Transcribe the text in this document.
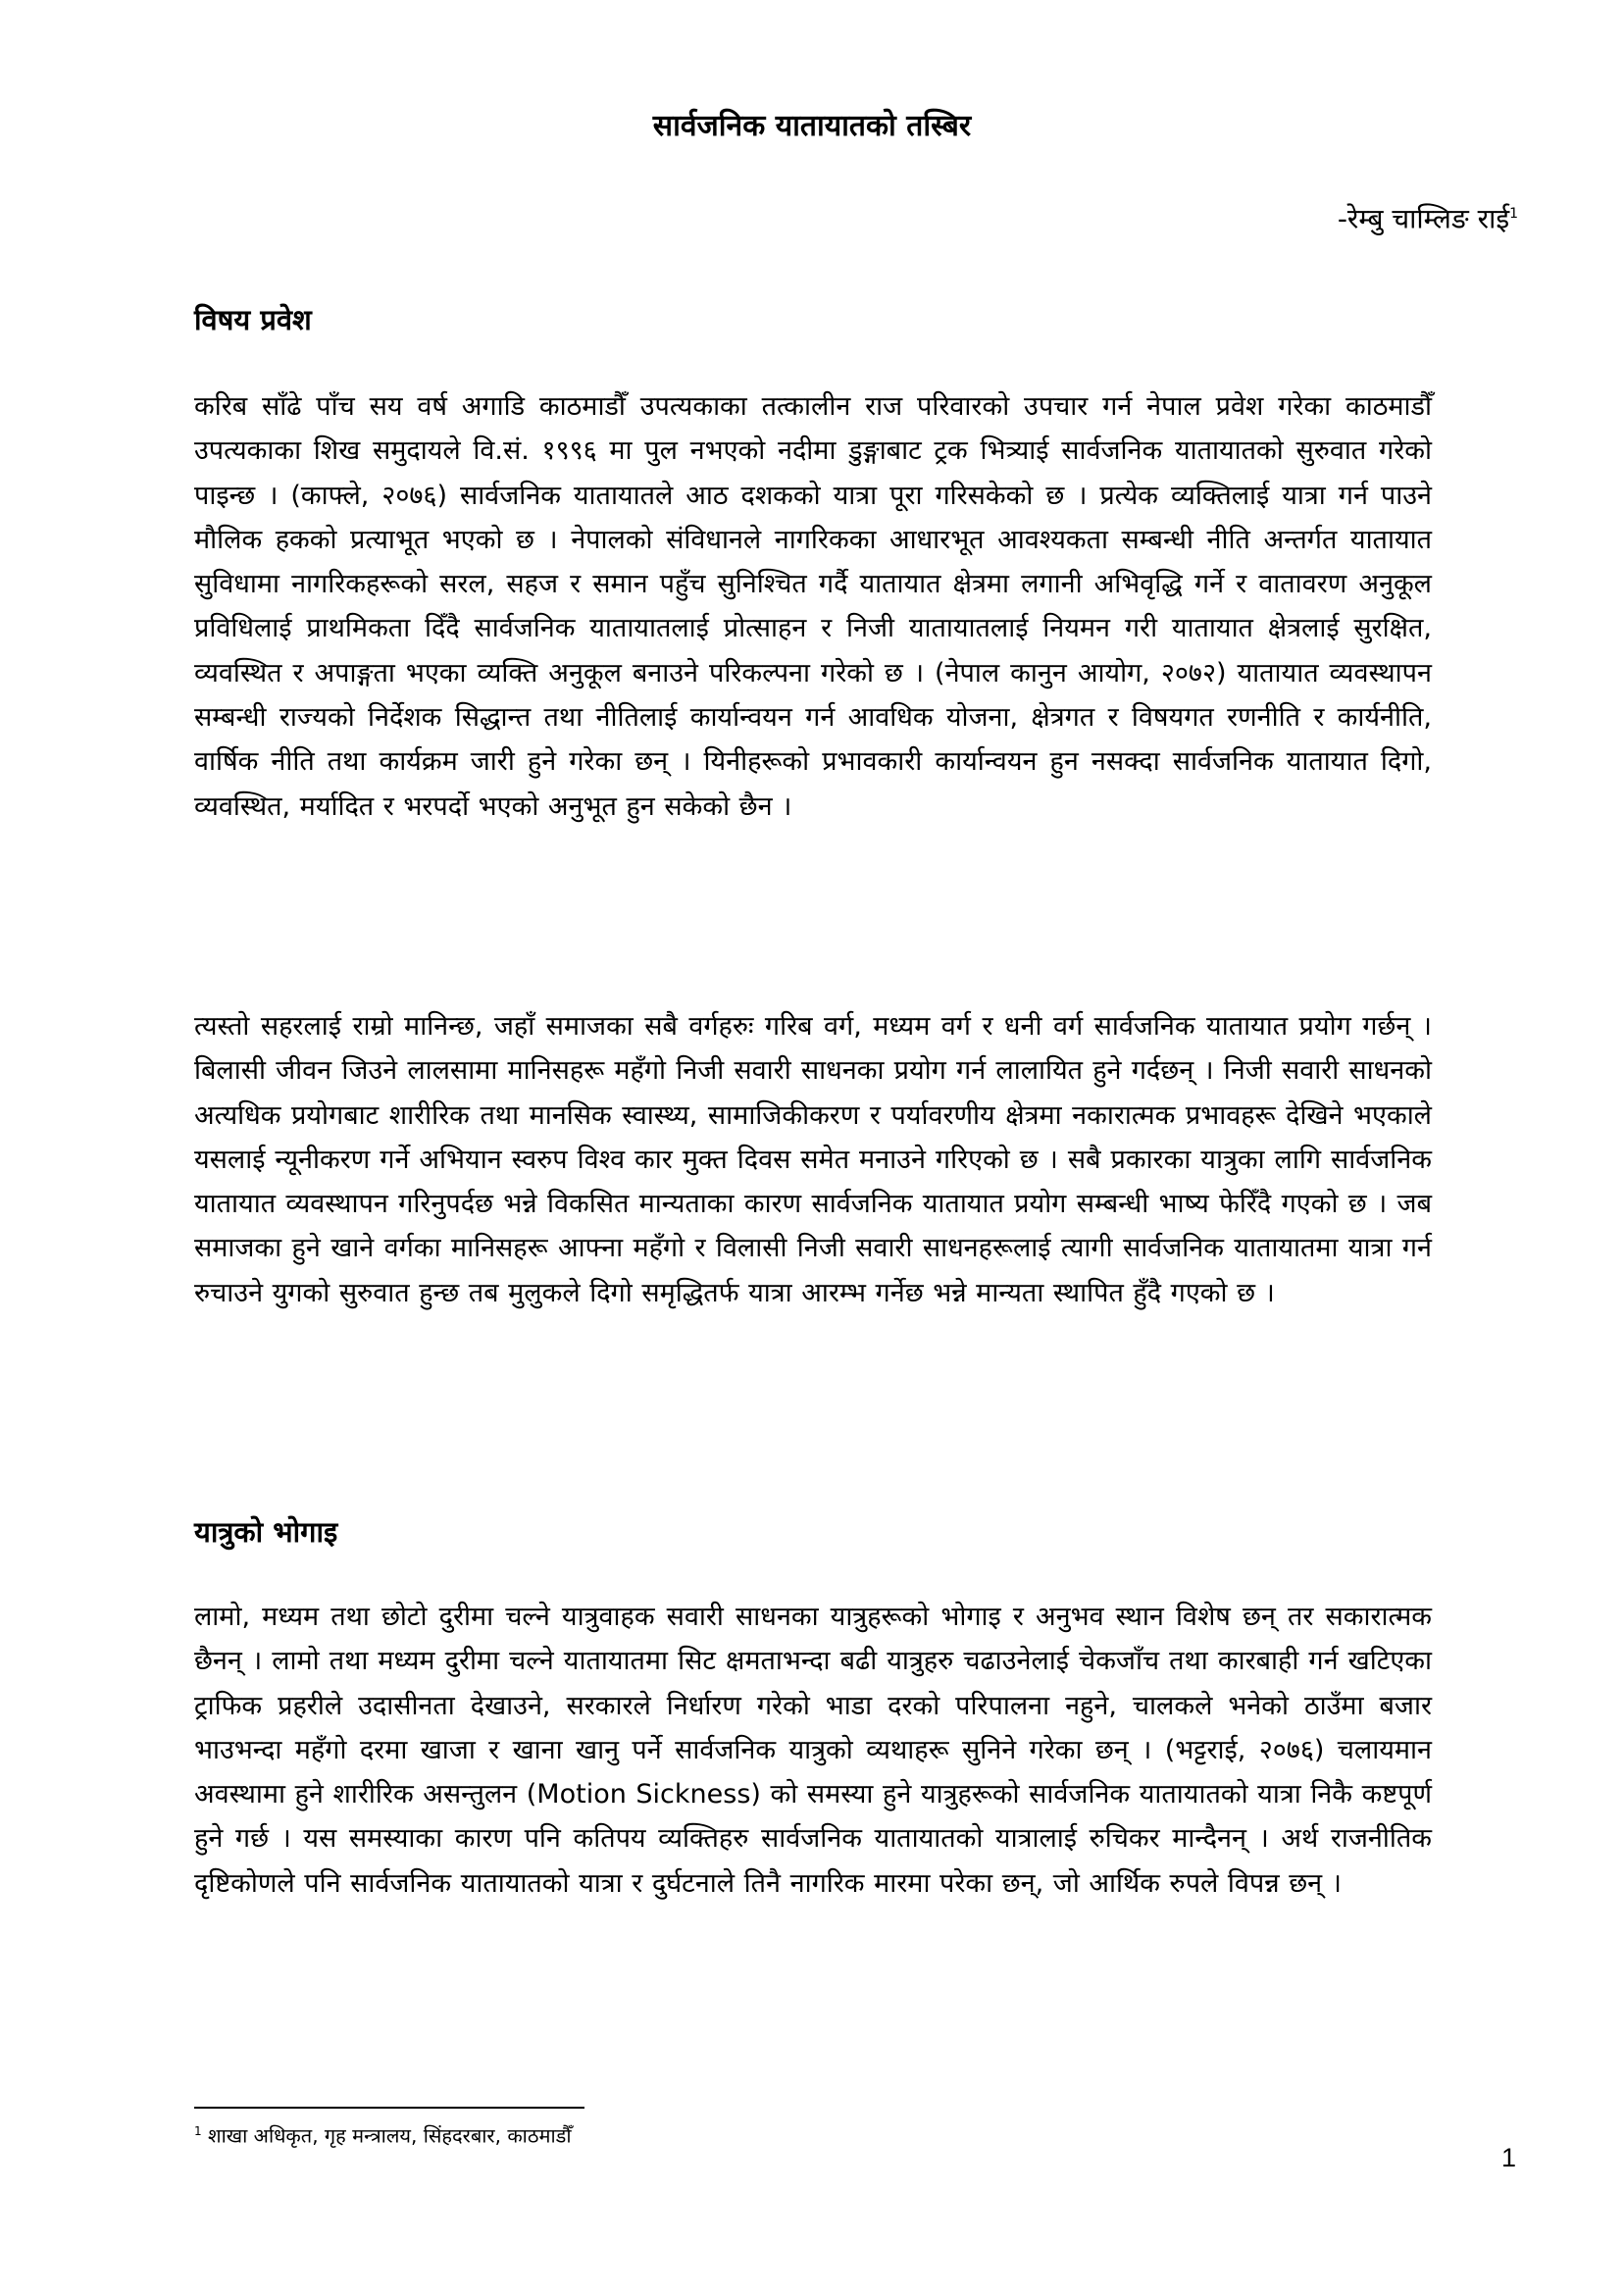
सार्वजनिक यातायातको तस्बिर
-रेम्बु चाम्लिङ राई$^1$
विषय प्रवेश
करिब साँढे पाँच सय वर्ष अगाडि काठमाडौँ उपत्यकाका तत्कालीन राज परिवारको उपचार गर्न नेपाल प्रवेश गरेका काठमाडौँ उपत्यकाका शिख समुदायले वि.सं. १९९६ मा पुल नभएको नदीमा डुङ्गाबाट ट्रक भित्र्याई सार्वजनिक यातायातको सुरुवात गरेको पाइन्छ । (काफ्ले, २०७६) सार्वजनिक यातायातले आठ दशकको यात्रा पूरा गरिसकेको छ । प्रत्येक व्यक्तिलाई यात्रा गर्न पाउने मौलिक हकको प्रत्याभूत भएको छ । नेपालको संविधानले नागरिकका आधारभूत आवश्यकता सम्बन्धी नीति अन्तर्गत यातायात सुविधामा नागरिकहरूको सरल, सहज र समान पहुँच सुनिश्चित गर्दै यातायात क्षेत्रमा लगानी अभिवृद्धि गर्ने र वातावरण अनुकूल प्रविधिलाई प्राथमिकता दिँदै सार्वजनिक यातायातलाई प्रोत्साहन र निजी यातायातलाई नियमन गरी यातायात क्षेत्रलाई सुरक्षित, व्यवस्थित र अपाङ्गता भएका व्यक्ति अनुकूल बनाउने परिकल्पना गरेको छ । (नेपाल कानुन आयोग, २०७२) यातायात व्यवस्थापन सम्बन्धी राज्यको निर्देशक सिद्धान्त तथा नीतिलाई कार्यान्वयन गर्न आवधिक योजना, क्षेत्रगत र विषयगत रणनीति र कार्यनीति, वार्षिक नीति तथा कार्यक्रम जारी हुने गरेका छन् । यिनीहरूको प्रभावकारी कार्यान्वयन हुन नसक्दा सार्वजनिक यातायात दिगो, व्यवस्थित, मर्यादित र भरपर्दो भएको अनुभूत हुन सकेको छैन ।
त्यस्तो सहरलाई राम्रो मानिन्छ, जहाँ समाजका सबै वर्गहरुः गरिब वर्ग, मध्यम वर्ग र धनी वर्ग सार्वजनिक यातायात प्रयोग गर्छन् । बिलासी जीवन जिउने लालसामा मानिसहरू महँगो निजी सवारी साधनका प्रयोग गर्न लालायित हुने गर्दछन् । निजी सवारी साधनको अत्यधिक प्रयोगबाट शारीरिक तथा मानसिक स्वास्थ्य, सामाजिकीकरण र पर्यावरणीय क्षेत्रमा नकारात्मक प्रभावहरू देखिने भएकाले यसलाई न्यूनीकरण गर्ने अभियान स्वरुप विश्व कार मुक्त दिवस समेत मनाउने गरिएको छ । सबै प्रकारका यात्रुका लागि सार्वजनिक यातायात व्यवस्थापन गरिनुपर्दछ भन्ने विकसित मान्यताका कारण सार्वजनिक यातायात प्रयोग सम्बन्धी भाष्य फेरिँदै गएको छ । जब समाजका हुने खाने वर्गका मानिसहरू आफ्ना महँगो र विलासी निजी सवारी साधनहरूलाई त्यागी सार्वजनिक यातायातमा यात्रा गर्न रुचाउने युगको सुरुवात हुन्छ तब मुलुकले दिगो समृद्धितर्फ यात्रा आरम्भ गर्नेछ भन्ने मान्यता स्थापित हुँदै गएको छ ।
यात्रुको भोगाइ
लामो, मध्यम तथा छोटो दुरीमा चल्ने यात्रुवाहक सवारी साधनका यात्रुहरूको भोगाइ र अनुभव स्थान विशेष छन् तर सकारात्मक छैनन् । लामो तथा मध्यम दुरीमा चल्ने यातायातमा सिट क्षमताभन्दा बढी यात्रुहरु चढाउनेलाई चेकजाँच तथा कारबाही गर्न खटिएका ट्राफिक प्रहरीले उदासीनता देखाउने, सरकारले निर्धारण गरेको भाडा दरको परिपालना नहुने, चालकले भनेको ठाउँमा बजार भाउभन्दा महँगो दरमा खाजा र खाना खानु पर्ने सार्वजनिक यात्रुको व्यथाहरू सुनिने गरेका छन् । (भट्टराई, २०७६) चलायमान अवस्थामा हुने शारीरिक असन्तुलन (Motion Sickness) को समस्या हुने यात्रुहरूको सार्वजनिक यातायातको यात्रा निकै कष्टपूर्ण हुने गर्छ । यस समस्याका कारण पनि कतिपय व्यक्तिहरु सार्वजनिक यातायातको यात्रालाई रुचिकर मान्दैनन् । अर्थ राजनीतिक दृष्टिकोणले पनि सार्वजनिक यातायातको यात्रा र दुर्घटनाले तिनै नागरिक मारमा परेका छन्, जो आर्थिक रुपले विपन्न छन् ।
$^1$ शाखा अधिकृत, गृह मन्त्रालय, सिंहदरबार, काठमाडौँ
1
